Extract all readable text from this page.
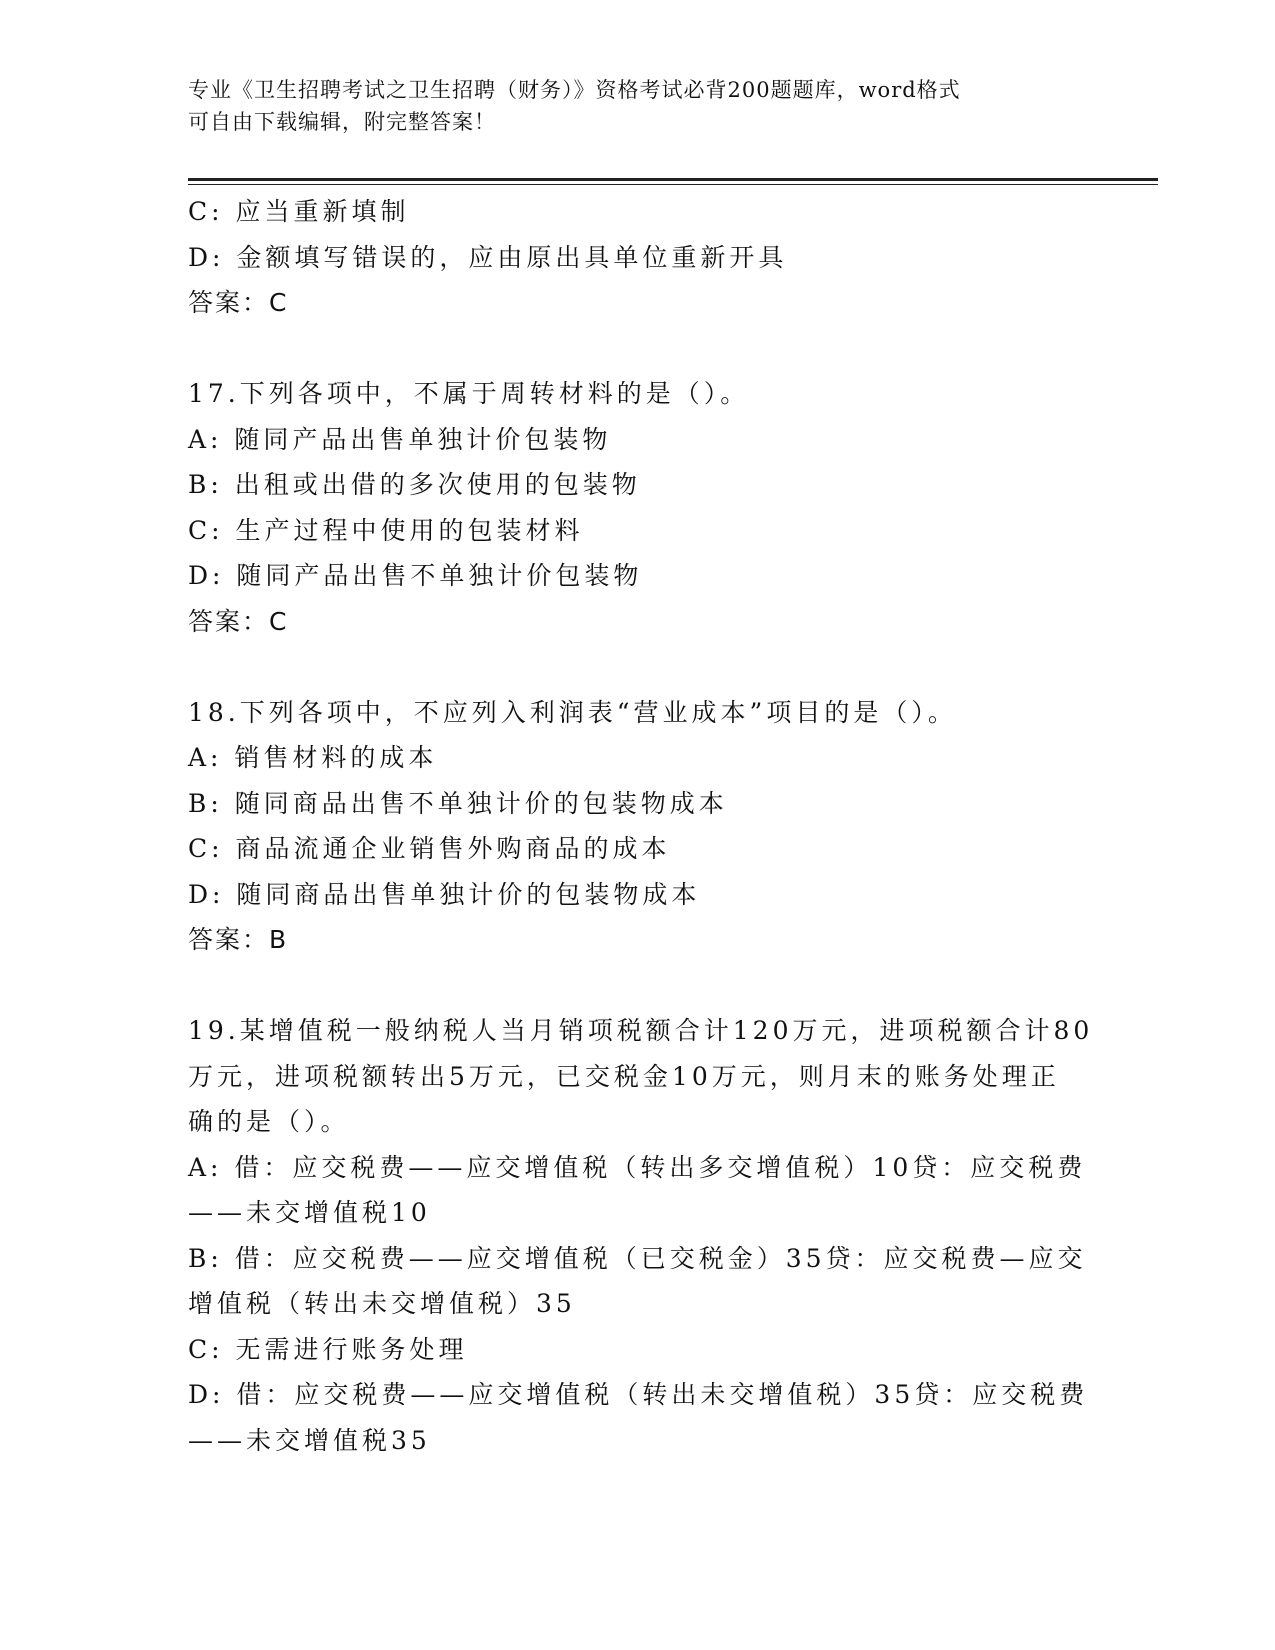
专业《卫生招聘考试之卫生招聘（财务）》资格考试必背200题题库，word格式
可自由下载编辑，附完整答案！
C: 应当重新填制
D: 金额填写错误的，应由原出具单位重新开具
答案：C
17.下列各项中，不属于周转材料的是（）。
A: 随同产品出售单独计价包装物
B: 出租或出借的多次使用的包装物
C: 生产过程中使用的包装材料
D: 随同产品出售不单独计价包装物
答案：C
18.下列各项中，不应列入利润表“营业成本”项目的是（）。
A: 销售材料的成本
B: 随同商品出售不单独计价的包装物成本
C: 商品流通企业销售外购商品的成本
D: 随同商品出售单独计价的包装物成本
答案：B
19.某增值税一般纳税人当月销项税额合计120万元，进项税额合计80
万元，进项税额转出5万元，已交税金10万元，则月末的账务处理正
确的是（）。
A: 借：应交税费——应交增值税（转出多交增值税）10贷：应交税费
——未交增值税10
B: 借：应交税费——应交增值税（已交税金）35贷：应交税费—应交
增值税（转出未交增值税）35
C: 无需进行账务处理
D: 借：应交税费——应交增值税（转出未交增值税）35贷：应交税费
——未交增值税35
